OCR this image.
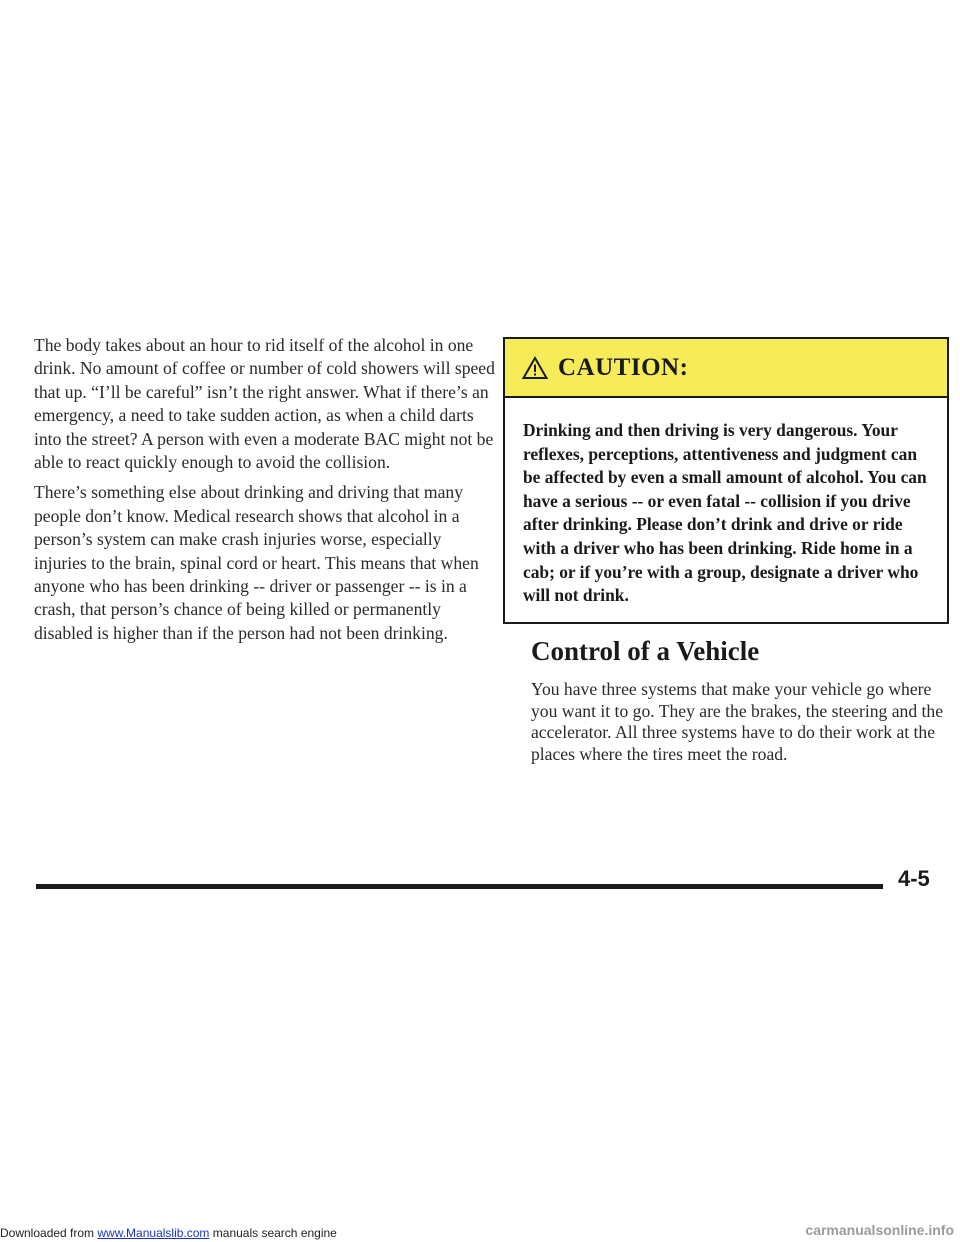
The body takes about an hour to rid itself of the alcohol in one drink. No amount of coffee or number of cold showers will speed that up. “I’ll be careful” isn’t the right answer. What if there’s an emergency, a need to take sudden action, as when a child darts into the street? A person with even a moderate BAC might not be able to react quickly enough to avoid the collision.

There’s something else about drinking and driving that many people don’t know. Medical research shows that alcohol in a person’s system can make crash injuries worse, especially injuries to the brain, spinal cord or heart. This means that when anyone who has been drinking -- driver or passenger -- is in a crash, that person’s chance of being killed or permanently disabled is higher than if the person had not been drinking.

CAUTION:
Drinking and then driving is very dangerous. Your reflexes, perceptions, attentiveness and judgment can be affected by even a small amount of alcohol. You can have a serious -- or even fatal -- collision if you drive after drinking. Please don’t drink and drive or ride with a driver who has been drinking. Ride home in a cab; or if you’re with a group, designate a driver who will not drink.
Control of a Vehicle

You have three systems that make your vehicle go where you want it to go. They are the brakes, the steering and the accelerator. All three systems have to do their work at the places where the tires meet the road.

4-5
Downloaded from www.Manualslib.com manuals search engine	carmanualsonline.info
